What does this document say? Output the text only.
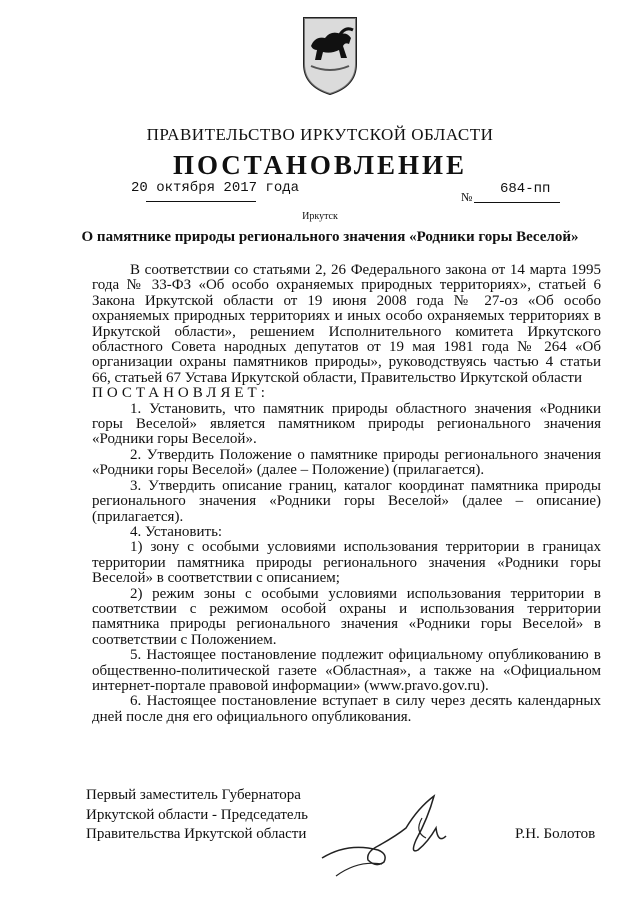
ПРАВИТЕЛЬСТВО ИРКУТСКОЙ ОБЛАСТИ
ПОСТАНОВЛЕНИЕ
20 октября 2017 года
№ 684-пп
Иркутск
О памятнике природы регионального значения «Родники горы Веселой»

В соответствии со статьями 2, 26 Федерального закона от 14 марта 1995 года № 33-ФЗ «Об особо охраняемых природных территориях», статьей 6 Закона Иркутской области от 19 июня 2008 года № 27-оз «Об особо охраняемых природных территориях и иных особо охраняемых территориях в Иркутской области», решением Исполнительного комитета Иркутского областного Совета народных депутатов от 19 мая 1981 года № 264 «Об организации охраны памятников природы», руководствуясь частью 4 статьи 66, статьей 67 Устава Иркутской области, Правительство Иркутской области

ПОСТАНОВЛЯЕТ:

1. Установить, что памятник природы областного значения «Родники горы Веселой» является памятником природы регионального значения «Родники горы Веселой».

2. Утвердить Положение о памятнике природы регионального значения «Родники горы Веселой» (далее – Положение) (прилагается).

3. Утвердить описание границ, каталог координат памятника природы регионального значения «Родники горы Веселой» (далее – описание) (прилагается).

4. Установить:

1) зону с особыми условиями использования территории в границах территории памятника природы регионального значения «Родники горы Веселой» в соответствии с описанием;

2) режим зоны с особыми условиями использования территории в соответствии с режимом особой охраны и использования территории памятника природы регионального значения «Родники горы Веселой» в соответствии с Положением.

5. Настоящее постановление подлежит официальному опубликованию в общественно-политической газете «Областная», а также на «Официальном интернет-портале правовой информации» (www.pravo.gov.ru).

6. Настоящее постановление вступает в силу через десять календарных дней после дня его официального опубликования.

Первый заместитель Губернатора
Иркутской области - Председатель
Правительства Иркутской области	Р.Н. Болотов
